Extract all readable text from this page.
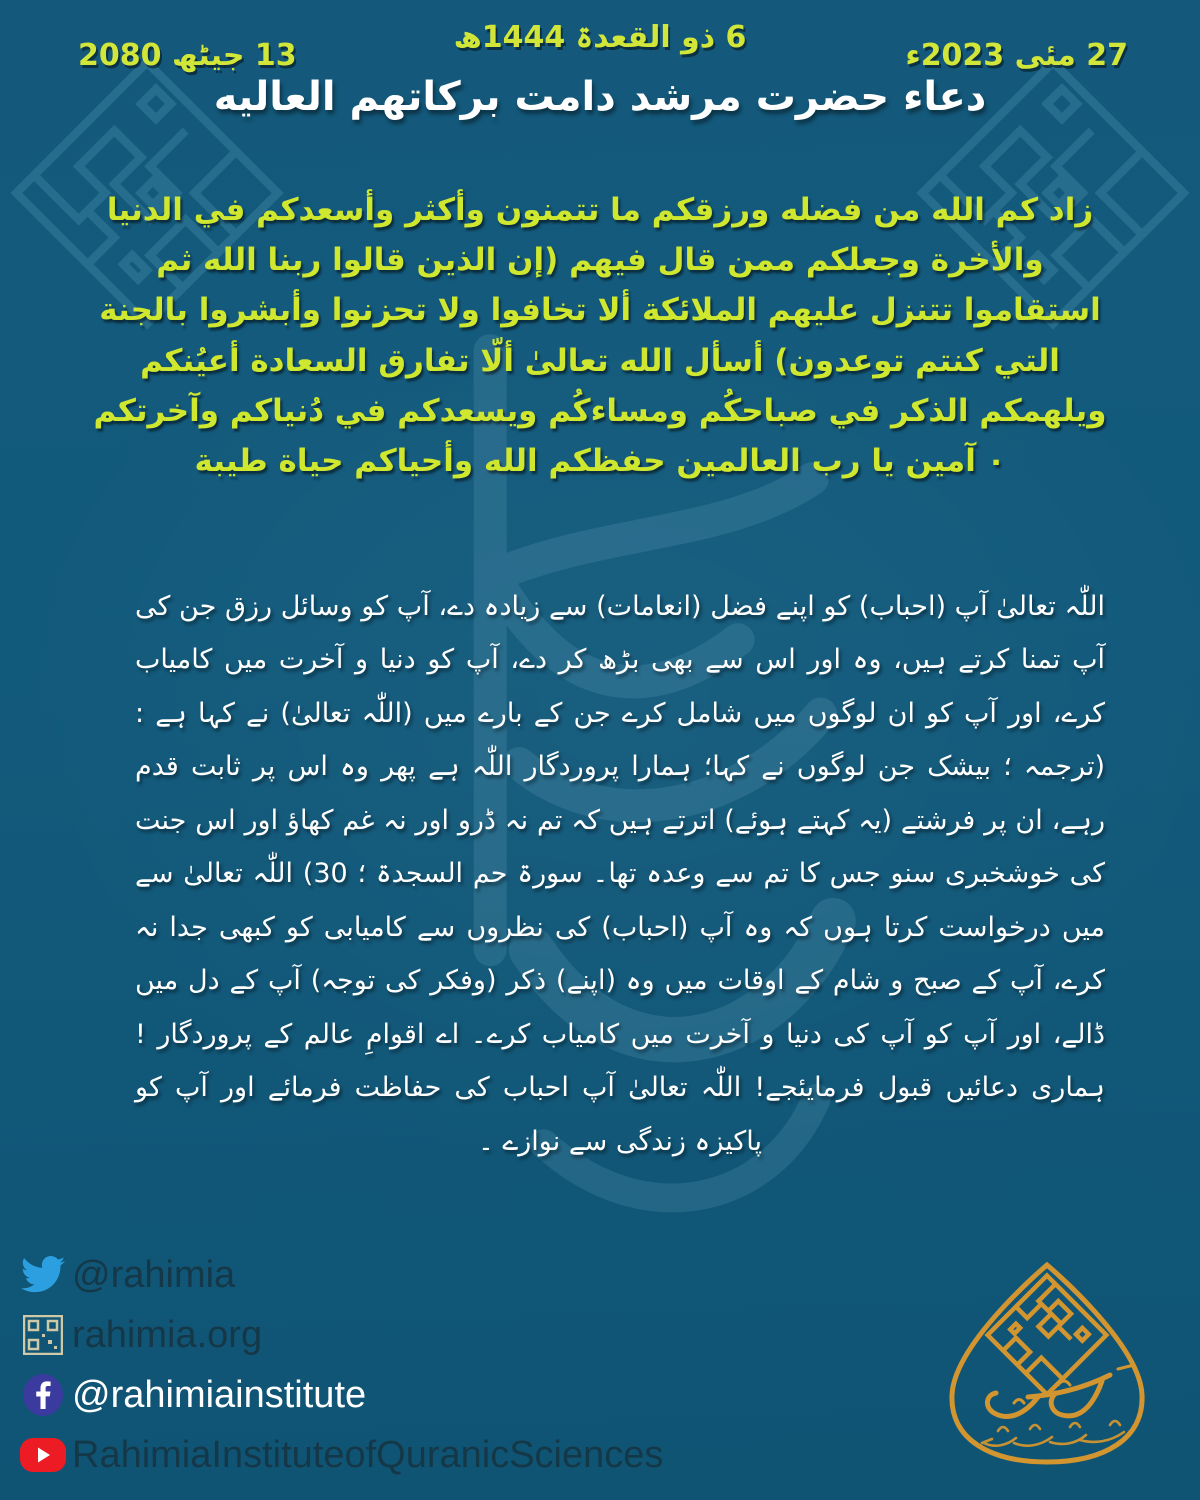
13 جیٹھ 2080
6 ذو القعدۃ 1444ھ
27 مئی 2023ء
دعاء حضرت مرشد دامت برکاتهم العالیه
زاد کم الله من فضله ورزقکم ما تتمنون وأکثر وأسعدکم في الدنیا والأخرة وجعلکم ممن قال فیهم (إن الذین قالوا ربنا الله ثم استقاموا تتنزل علیهم الملائکة ألا تخافوا ولا تحزنوا وأبشروا بالجنة التي کنتم توعدون) أسأل الله تعالیٰ ألّا تفارق السعادة أعیُنکم ویلهمکم الذکر في صباحکُم ومساءکُم ویسعدکم في دُنیاکم وآخرتکم ۰ آمین یا رب العالمین حفظکم الله وأحیاکم حیاة طیبة
اللّٰہ تعالیٰ آپ (احباب) کو اپنے فضل (انعامات) سے زیادہ دے، آپ کو وسائل رزق جن کی آپ تمنا کرتے ہیں، وہ اور اس سے بھی بڑھ کر دے، آپ کو دنیا و آخرت میں کامیاب کرے، اور آپ کو ان لوگوں میں شامل کرے جن کے بارے میں (اللّٰہ تعالیٰ) نے کہا ہے : (ترجمہ ؛ بیشک جن لوگوں نے کہا؛ ہمارا پروردگار اللّٰہ ہے پھر وہ اس پر ثابت قدم رہے، ان پر فرشتے (یہ کہتے ہوئے) اترتے ہیں کہ تم نہ ڈرو اور نہ غم کھاؤ اور اس جنت کی خوشخبری سنو جس کا تم سے وعدہ تھا۔ سورۃ حم السجدۃ ؛ 30) اللّٰہ تعالیٰ سے میں درخواست کرتا ہوں کہ وہ آپ (احباب) کی نظروں سے کامیابی کو کبھی جدا نہ کرے، آپ کے صبح و شام کے اوقات میں وہ (اپنے) ذکر (وفکر کی توجہ) آپ کے دل میں ڈالے، اور آپ کو آپ کی دنیا و آخرت میں کامیاب کرے۔ اے اقوامِ عالم کے پروردگار ! ہماری دعائیں قبول فرمایئجے! اللّٰہ تعالیٰ آپ احباب کی حفاظت فرمائے اور آپ کو پاکیزہ زندگی سے نوازے ۔
@rahimia
rahimia.org
@rahimiainstitute
RahimiaInstituteofQuranicSciences
